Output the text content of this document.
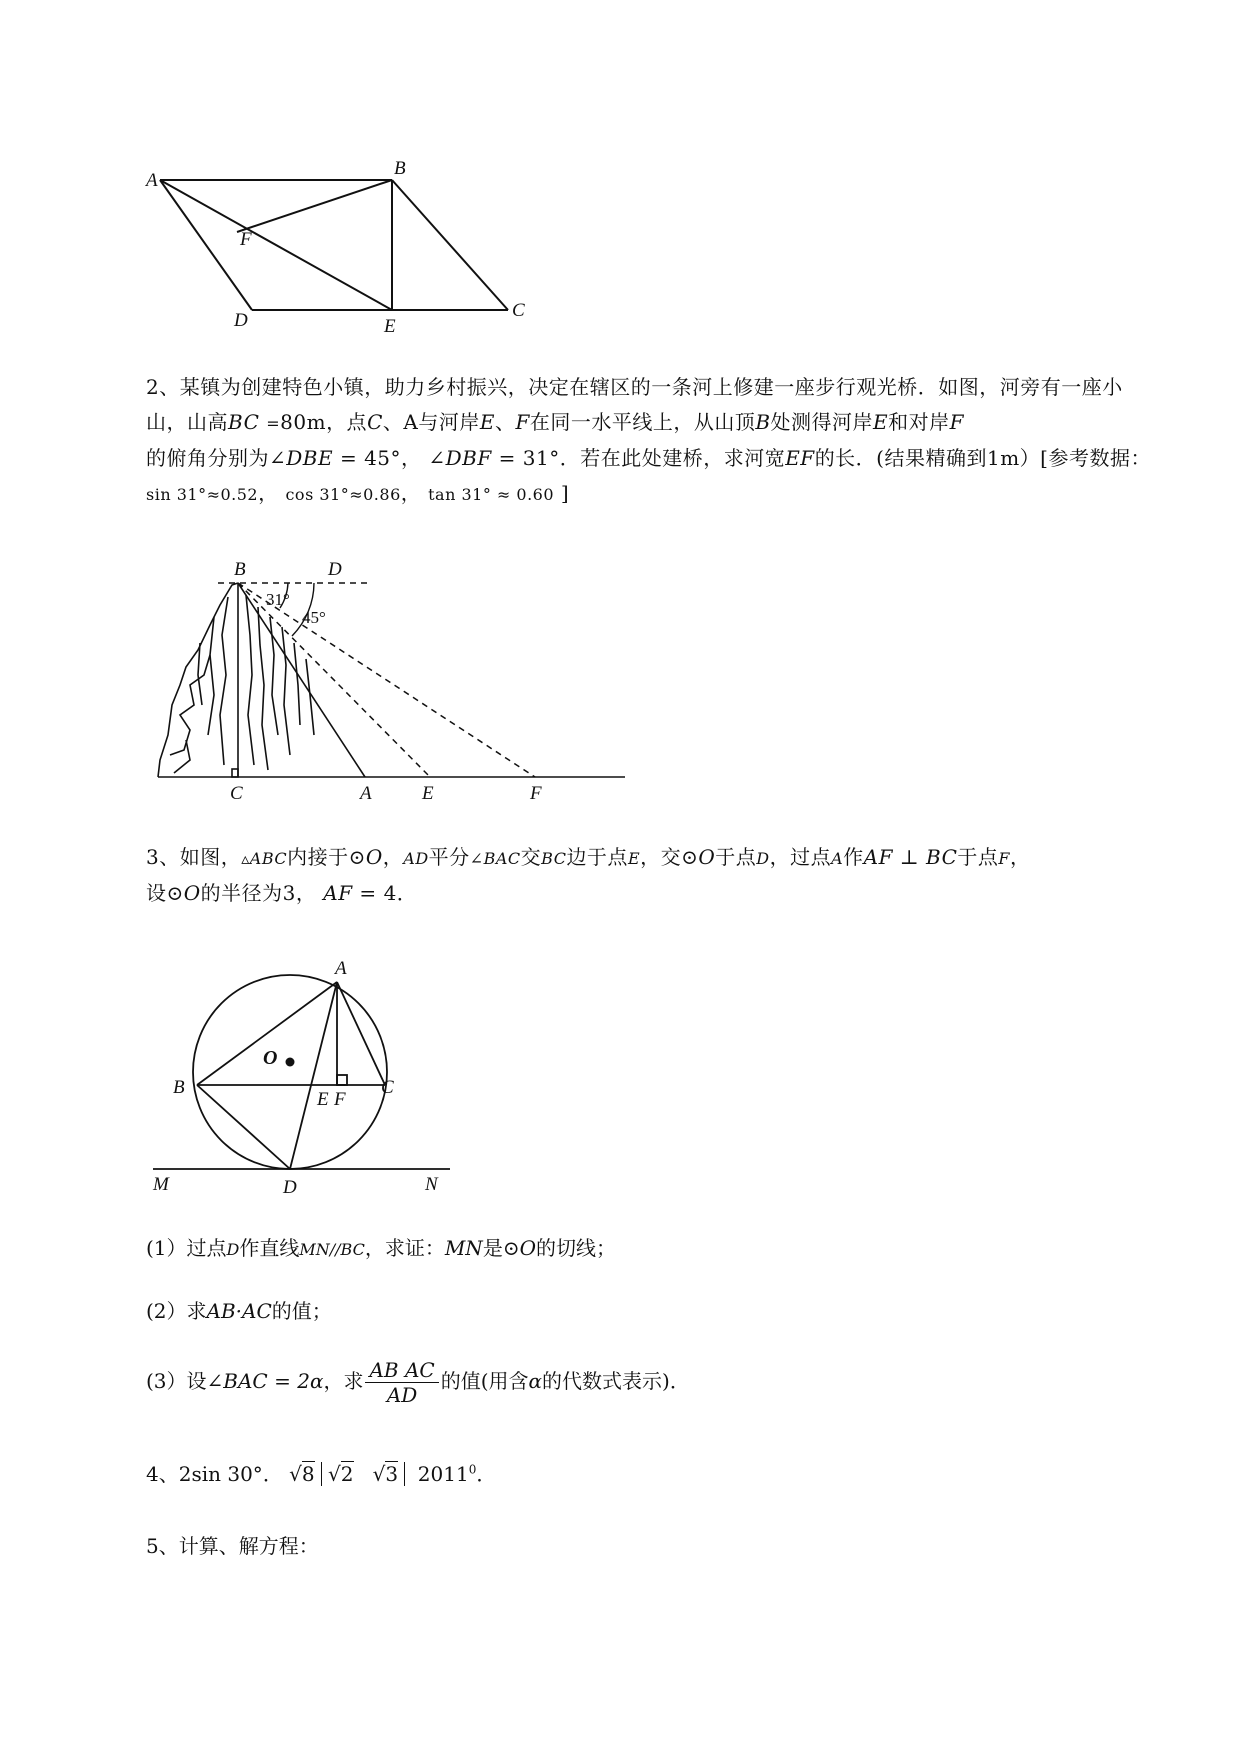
A
B
F
D	E
C
2、某镇为创建特色小镇，助力乡村振兴，决定在辖区的一条河上修建一座步行观光桥．如图，河旁有一座小山，山高BC =80m，点C、A与河岸E、F在同一水平线上，从山顶B处测得河岸E和对岸F
的俯角分别为∠DBE = 45°， ∠DBF = 31°．若在此处建桥，求河宽EF的长．(结果精确到1m）[参考数据：
sin 31°≈0.52， cos 31°≈0.86， tan 31° ≈ 0.60 ]
B	D
31°
45°
C	A	E	F
3、如图，▵ABC内接于⊙O，AD平分∠BAC交BC边于点E，交⊙O于点D，过点A作AF ⊥ BC于点F，
设⊙O的半径为3， AF = 4．
A
O
B
E F
C
M	D	N
(1）过点D作直线MN//BC，求证：MN是⊙O的切线；
(2）求AB·AC的值；
(3）设∠BAC = 2α，求 $\frac{\text{AB AC}}{AD}$ 的值(用含α的代数式表示)．
4、2sin 30°． √8 √2 √3 2011$^0$．
5、计算、解方程：
